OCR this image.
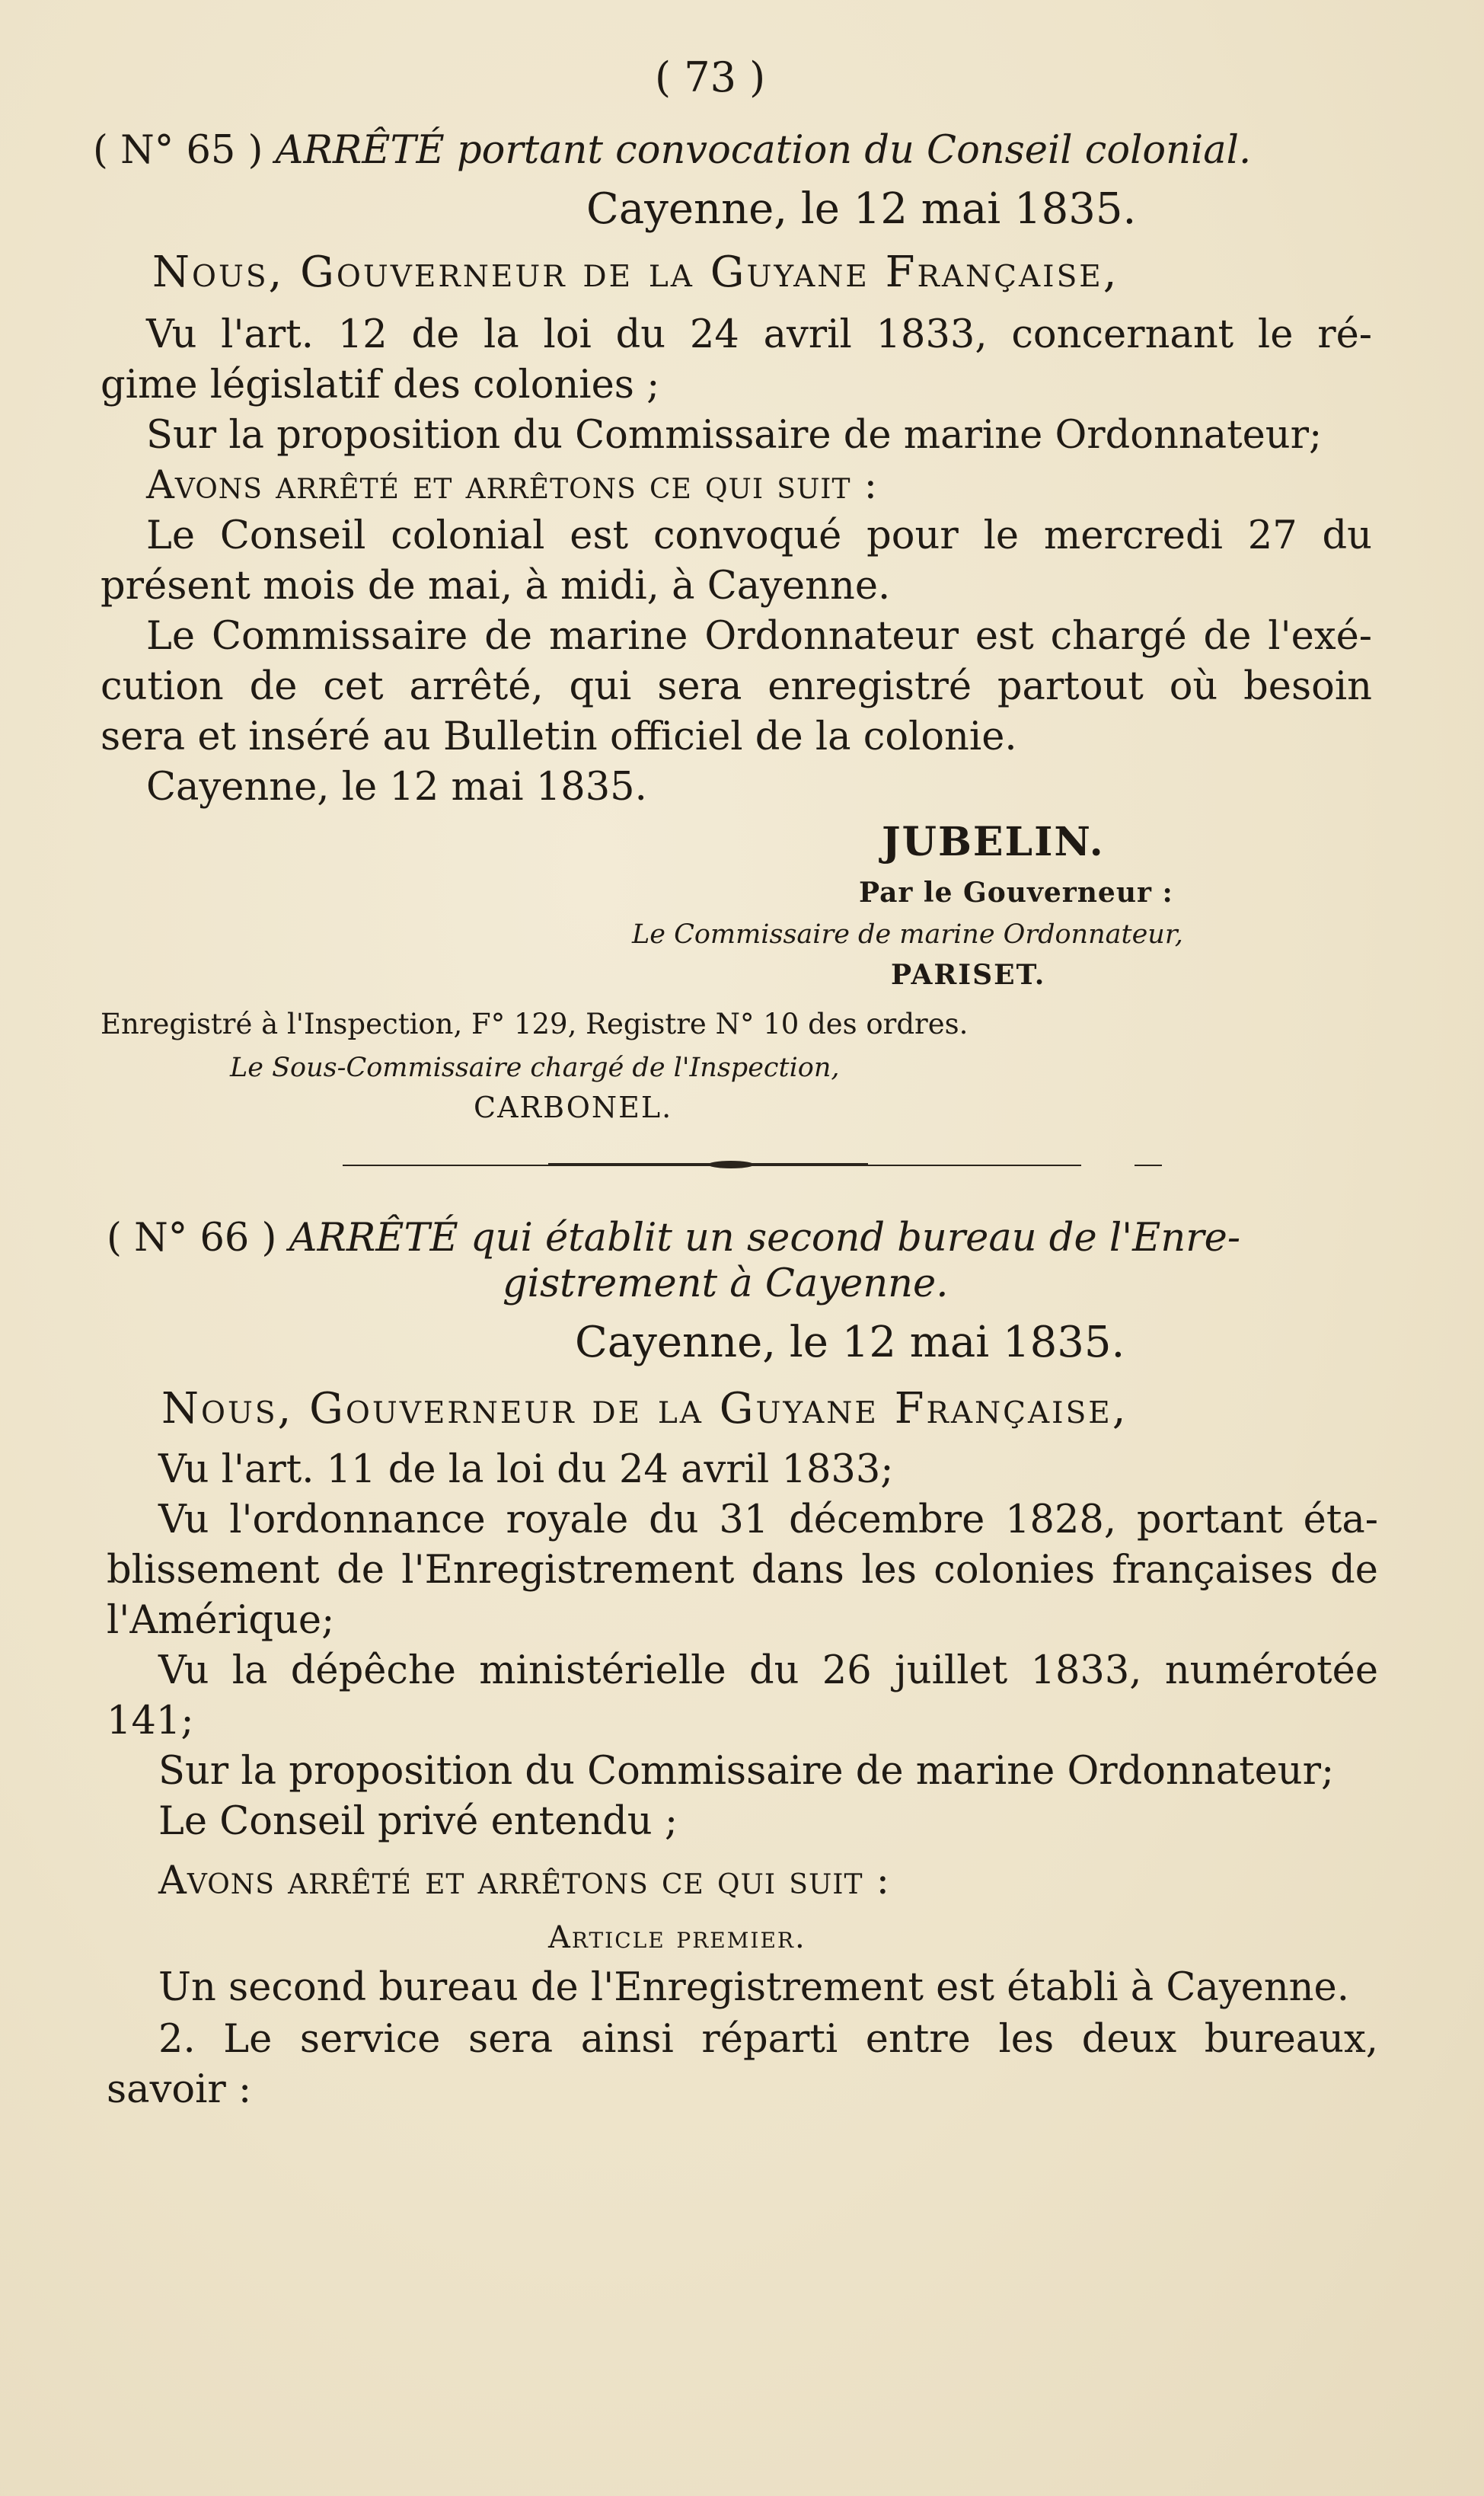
( 73 )
( N° 65 ) ARRÊTÉ portant convocation du Conseil colonial.
Cayenne, le 12 mai 1835.
Nous, Gouverneur de la Guyane Française,
Vu l'art. 12 de la loi du 24 avril 1833, concernant le ré-
gime législatif des colonies ;
Sur la proposition du Commissaire de marine Ordonnateur;
Avons arrêté et arrêtons ce qui suit :
Le Conseil colonial est convoqué pour le mercredi 27 du
présent mois de mai, à midi, à Cayenne.
Le Commissaire de marine Ordonnateur est chargé de l'exé-
cution de cet arrêté, qui sera enregistré partout où besoin
sera et inséré au Bulletin officiel de la colonie.
Cayenne, le 12 mai 1835.
JUBELIN.
Par le Gouverneur :
Le Commissaire de marine Ordonnateur,
PARISET.
Enregistré à l'Inspection, F° 129, Registre N° 10 des ordres.
Le Sous-Commissaire chargé de l'Inspection,
CARBONEL.
( N° 66 ) ARRÊTÉ qui établit un second bureau de l'Enre-
gistrement à Cayenne.
Cayenne, le 12 mai 1835.
Nous, Gouverneur de la Guyane Française,
Vu l'art. 11 de la loi du 24 avril 1833;
Vu l'ordonnance royale du 31 décembre 1828, portant éta-
blissement de l'Enregistrement dans les colonies françaises de
l'Amérique;
Vu la dépêche ministérielle du 26 juillet 1833, numérotée
141;
Sur la proposition du Commissaire de marine Ordonnateur;
Le Conseil privé entendu ;
Avons arrêté et arrêtons ce qui suit :
Article premier.
Un second bureau de l'Enregistrement est établi à Cayenne.
2. Le service sera ainsi réparti entre les deux bureaux,
savoir :
